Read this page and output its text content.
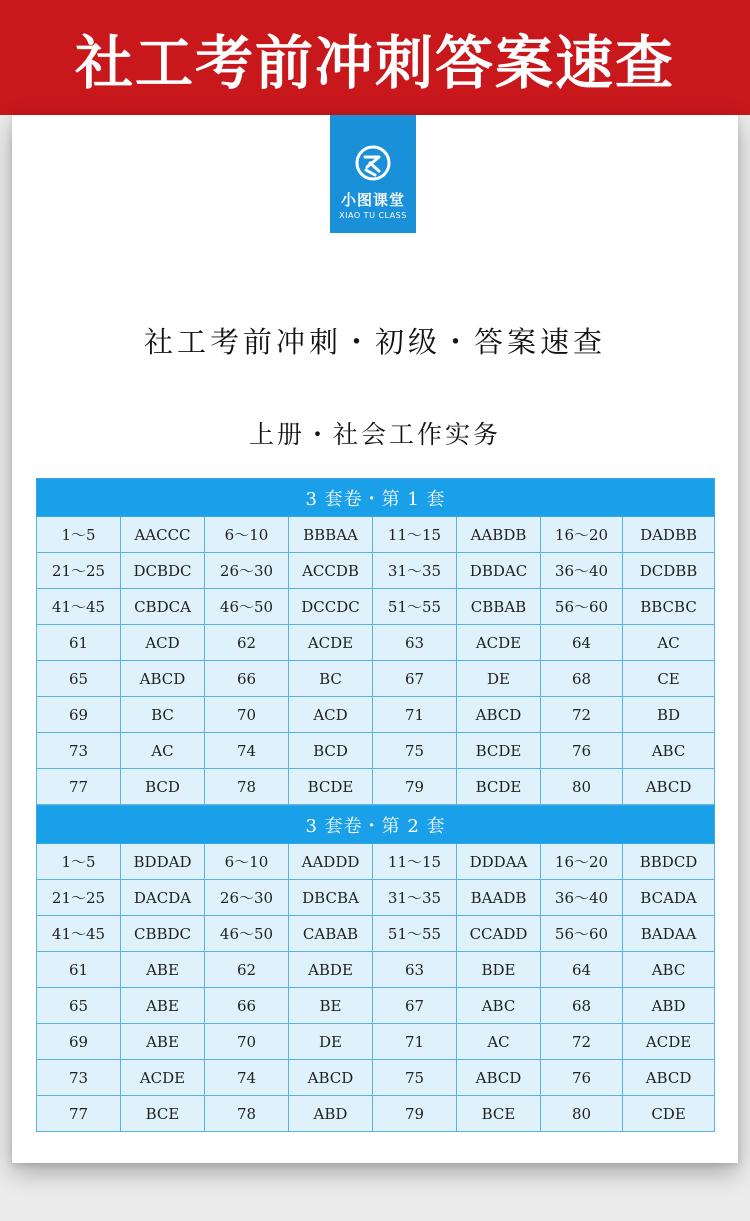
社工考前冲刺答案速查
小图课堂
XIAO TU CLASS
社工考前冲刺・初级・答案速查
上册・社会工作实务
3 套卷・第 1 套							
1～5	AACCC	6～10	BBBAA	11～15	AABDB	16～20	DADBB
21～25	DCBDC	26～30	ACCDB	31～35	DBDAC	36～40	DCDBB
41～45	CBDCA	46～50	DCCDC	51～55	CBBAB	56～60	BBCBC
61	ACD	62	ACDE	63	ACDE	64	AC
65	ABCD	66	BC	67	DE	68	CE
69	BC	70	ACD	71	ABCD	72	BD
73	AC	74	BCD	75	BCDE	76	ABC
77	BCD	78	BCDE	79	BCDE	80	ABCD
3 套卷・第 2 套							
1～5	BDDAD	6～10	AADDD	11～15	DDDAA	16～20	BBDCD
21～25	DACDA	26～30	DBCBA	31～35	BAADB	36～40	BCADA
41～45	CBBDC	46～50	CABAB	51～55	CCADD	56～60	BADAA
61	ABE	62	ABDE	63	BDE	64	ABC
65	ABE	66	BE	67	ABC	68	ABD
69	ABE	70	DE	71	AC	72	ACDE
73	ACDE	74	ABCD	75	ABCD	76	ABCD
77	BCE	78	ABD	79	BCE	80	CDE
